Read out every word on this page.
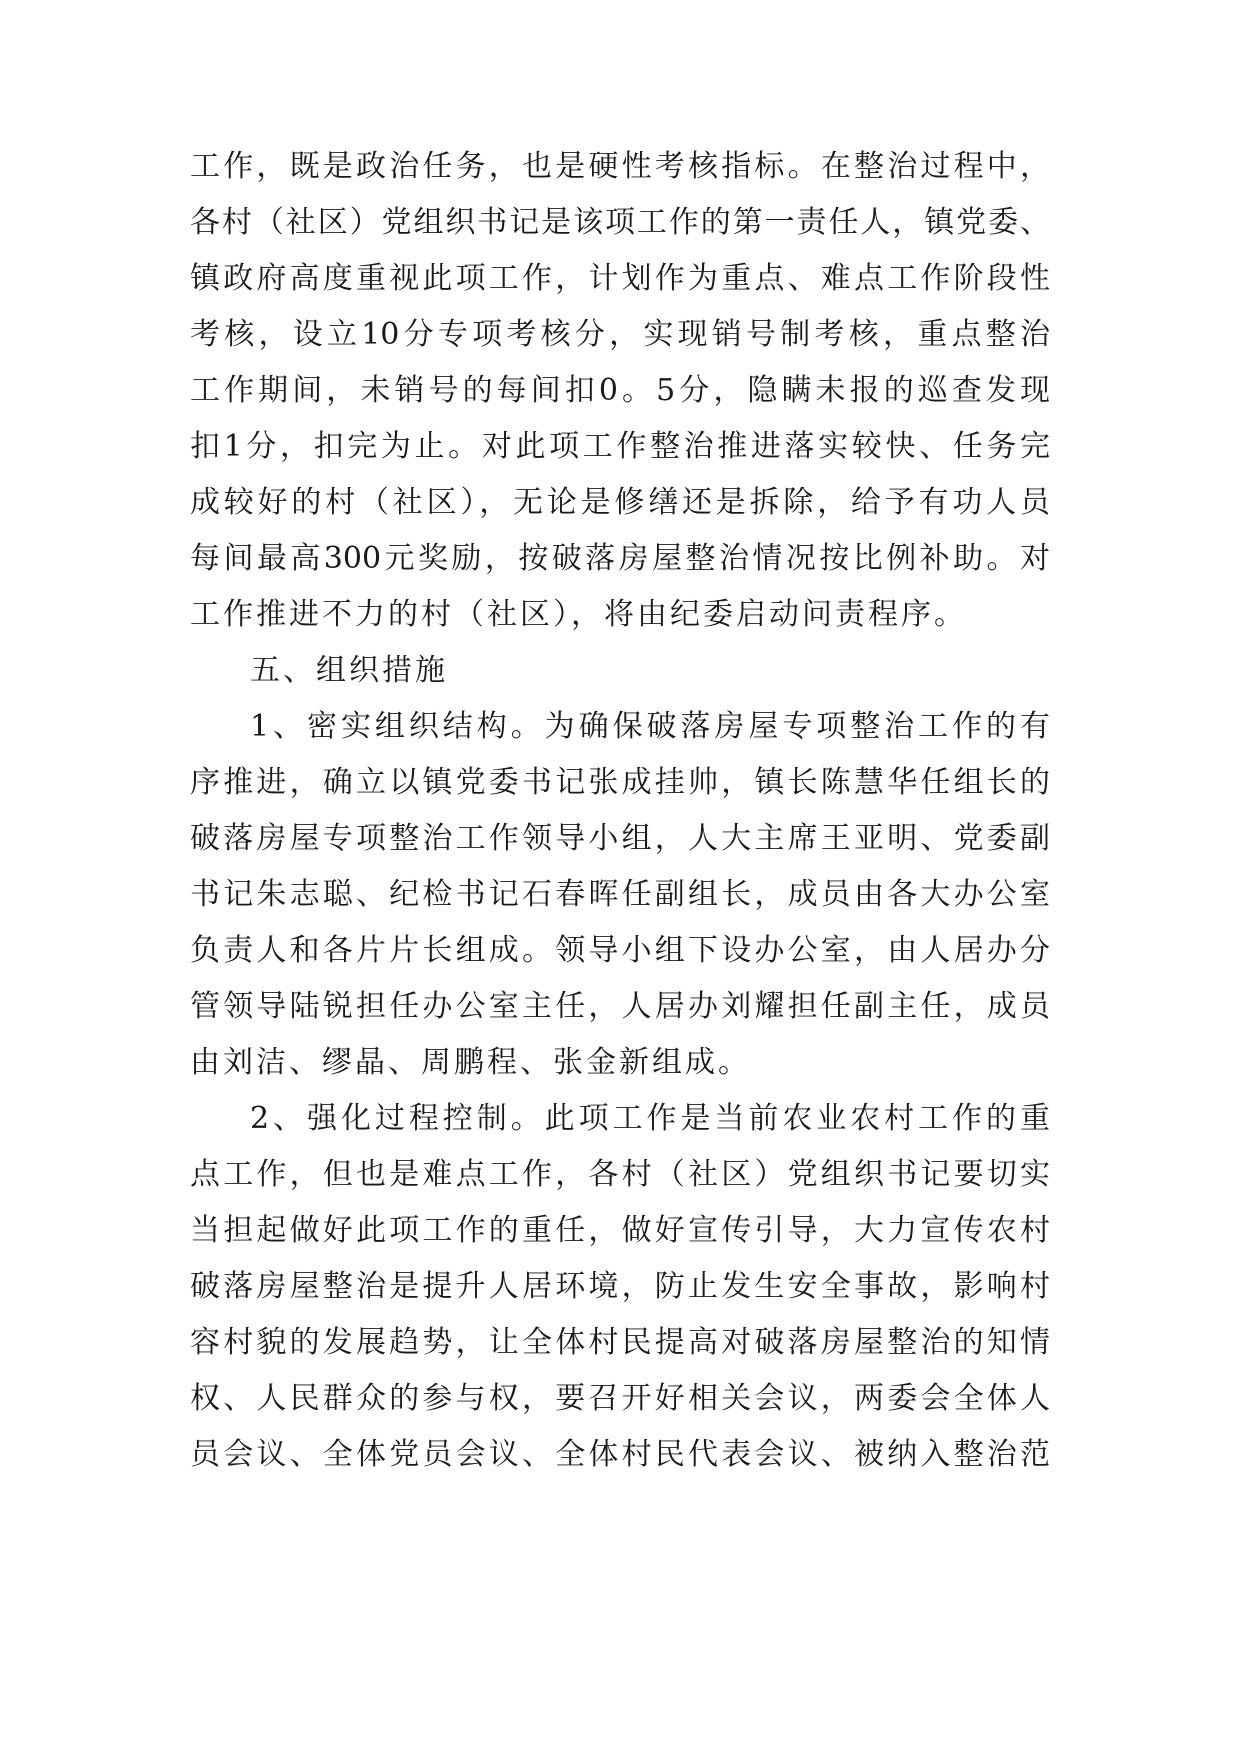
工作，既是政治任务，也是硬性考核指标。在整治过程中，
各村（社区）党组织书记是该项工作的第一责任人，镇党委、
镇政府高度重视此项工作，计划作为重点、难点工作阶段性
考核，设立10分专项考核分，实现销号制考核，重点整治
工作期间，未销号的每间扣0。5分，隐瞒未报的巡查发现
扣1分，扣完为止。对此项工作整治推进落实较快、任务完
成较好的村（社区），无论是修缮还是拆除，给予有功人员
每间最高300元奖励，按破落房屋整治情况按比例补助。对
工作推进不力的村（社区），将由纪委启动问责程序。
五、组织措施
1、密实组织结构。为确保破落房屋专项整治工作的有
序推进，确立以镇党委书记张成挂帅，镇长陈慧华任组长的
破落房屋专项整治工作领导小组，人大主席王亚明、党委副
书记朱志聪、纪检书记石春晖任副组长，成员由各大办公室
负责人和各片片长组成。领导小组下设办公室，由人居办分
管领导陆锐担任办公室主任，人居办刘耀担任副主任，成员
由刘洁、缪晶、周鹏程、张金新组成。
2、强化过程控制。此项工作是当前农业农村工作的重
点工作，但也是难点工作，各村（社区）党组织书记要切实
当担起做好此项工作的重任，做好宣传引导，大力宣传农村
破落房屋整治是提升人居环境，防止发生安全事故，影响村
容村貌的发展趋势，让全体村民提高对破落房屋整治的知情
权、人民群众的参与权，要召开好相关会议，两委会全体人
员会议、全体党员会议、全体村民代表会议、被纳入整治范
